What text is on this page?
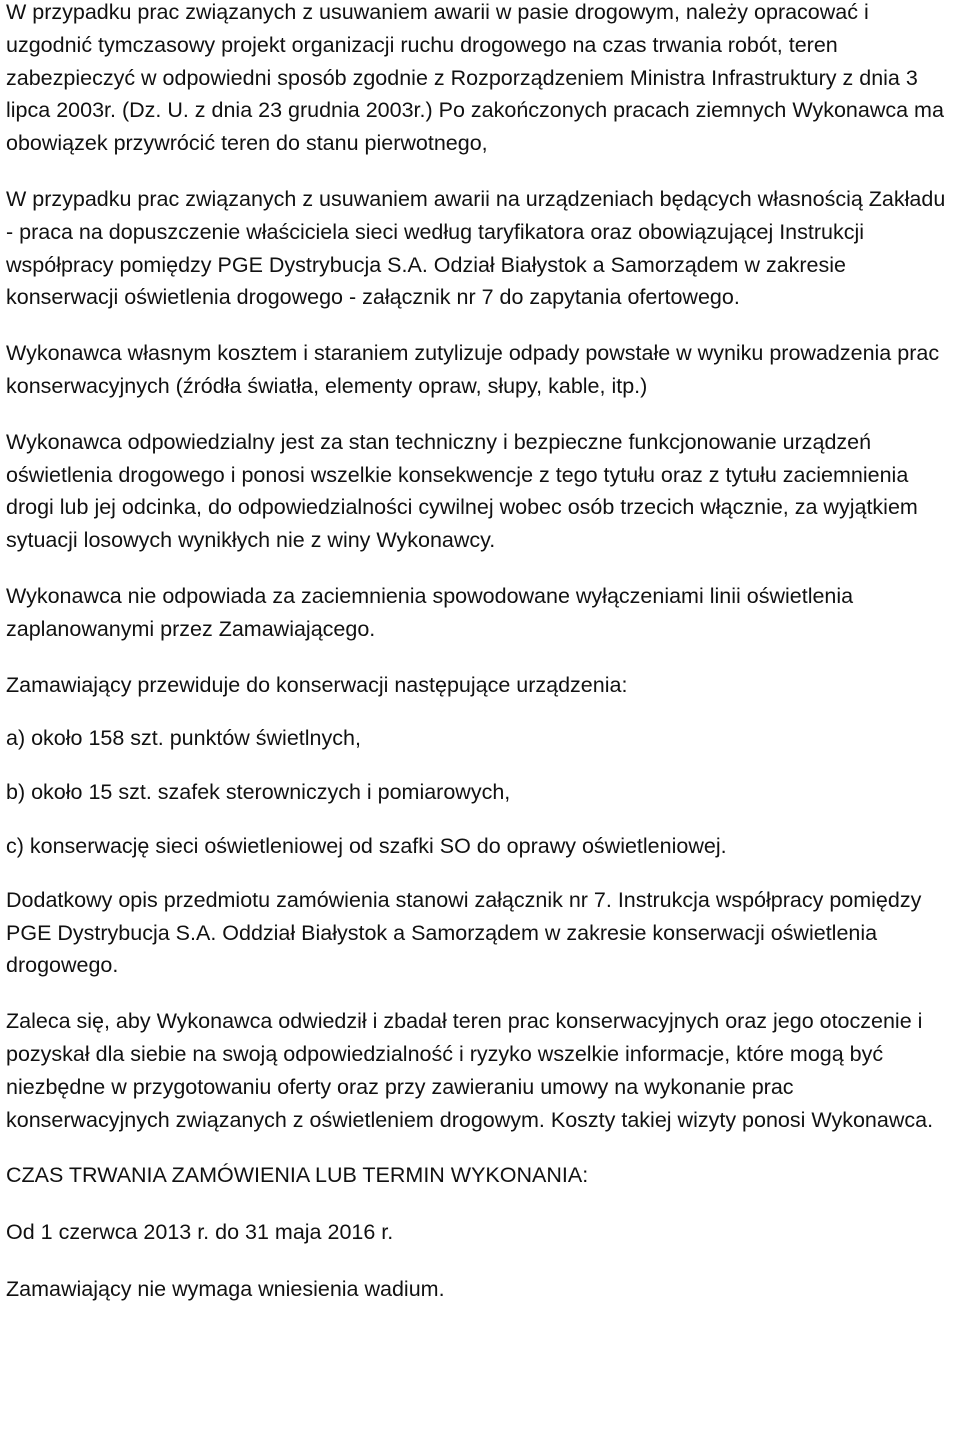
W przypadku prac związanych z usuwaniem awarii w pasie drogowym, należy opracować i uzgodnić tymczasowy projekt organizacji ruchu drogowego na czas trwania robót, teren zabezpieczyć w odpowiedni sposób zgodnie z Rozporządzeniem Ministra Infrastruktury z dnia 3 lipca 2003r. (Dz. U. z dnia 23 grudnia 2003r.) Po zakończonych pracach ziemnych Wykonawca ma obowiązek przywrócić teren do stanu pierwotnego,

W przypadku prac związanych z usuwaniem awarii na urządzeniach będących własnością Zakładu - praca na dopuszczenie właściciela sieci według taryfikatora oraz obowiązującej Instrukcji współpracy pomiędzy PGE Dystrybucja S.A. Odział Białystok a Samorządem w zakresie konserwacji oświetlenia drogowego - załącznik nr 7 do zapytania ofertowego.

Wykonawca własnym kosztem i staraniem zutylizuje odpady powstałe w wyniku prowadzenia prac konserwacyjnych (źródła światła, elementy opraw, słupy, kable, itp.)

Wykonawca odpowiedzialny jest za stan techniczny i bezpieczne funkcjonowanie urządzeń oświetlenia drogowego i ponosi wszelkie konsekwencje z tego tytułu oraz z tytułu zaciemnienia drogi lub jej odcinka, do odpowiedzialności cywilnej wobec osób trzecich włącznie, za wyjątkiem sytuacji losowych wynikłych nie z winy Wykonawcy.

Wykonawca nie odpowiada za zaciemnienia spowodowane wyłączeniami linii oświetlenia zaplanowanymi przez Zamawiającego.

Zamawiający przewiduje do konserwacji następujące urządzenia:

a) około 158 szt. punktów świetlnych,

b) około 15 szt. szafek sterowniczych i pomiarowych,

c) konserwację sieci oświetleniowej od szafki SO do oprawy oświetleniowej.

Dodatkowy opis przedmiotu zamówienia stanowi załącznik nr 7. Instrukcja współpracy pomiędzy PGE Dystrybucja S.A. Oddział Białystok a Samorządem w zakresie konserwacji oświetlenia drogowego.

Zaleca się, aby Wykonawca odwiedził i zbadał teren prac konserwacyjnych oraz jego otoczenie i pozyskał dla siebie na swoją odpowiedzialność i ryzyko wszelkie informacje, które mogą być niezbędne w przygotowaniu oferty oraz przy zawieraniu umowy na wykonanie prac konserwacyjnych związanych z oświetleniem drogowym. Koszty takiej wizyty ponosi Wykonawca.

CZAS TRWANIA ZAMÓWIENIA LUB TERMIN WYKONANIA:

Od 1 czerwca 2013 r. do 31 maja 2016 r.

Zamawiający nie wymaga wniesienia wadium.
